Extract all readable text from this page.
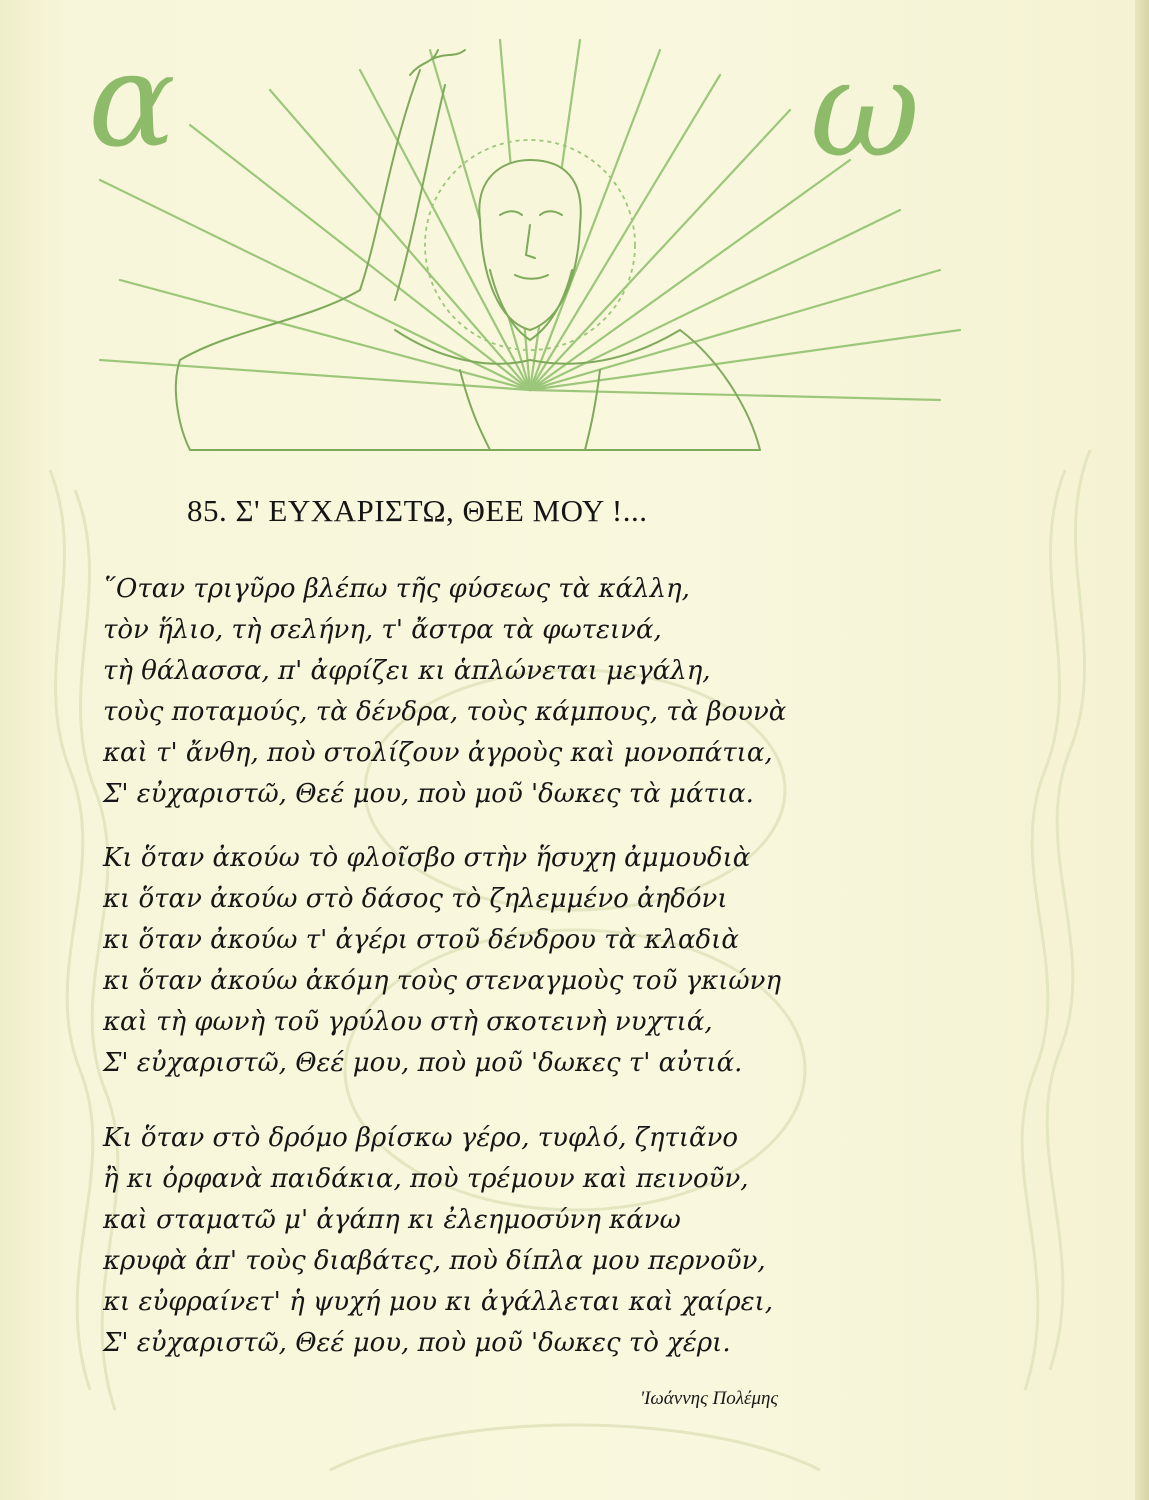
α	ω
85. Σ' ΕΥΧΑΡΙΣΤΩ, ΘΕΕ ΜΟΥ !...
῞Οταν τριγῦρο βλέπω τῆς φύσεως τὰ κάλλη,
τὸν ἥλιο, τὴ σελήνη, τ' ἄστρα τὰ φωτεινά,
τὴ θάλασσα, π' ἀφρίζει κι ἁπλώνεται μεγάλη,
τοὺς ποταμούς, τὰ δένδρα, τοὺς κάμπους, τὰ βουνὰ
καὶ τ' ἄνθη, ποὺ στολίζουν ἀγροὺς καὶ μονοπάτια,
Σ' εὐχαριστῶ, Θεέ μου, ποὺ μοῦ 'δωκες τὰ μάτια.
Κι ὅταν ἀκούω τὸ φλοῖσβο στὴν ἥσυχη ἀμμουδιὰ
κι ὅταν ἀκούω στὸ δάσος τὸ ζηλεμμένο ἀηδόνι
κι ὅταν ἀκούω τ' ἀγέρι στοῦ δένδρου τὰ κλαδιὰ
κι ὅταν ἀκούω ἀκόμη τοὺς στεναγμοὺς τοῦ γκιώνη
καὶ τὴ φωνὴ τοῦ γρύλου στὴ σκοτεινὴ νυχτιά,
Σ' εὐχαριστῶ, Θεέ μου, ποὺ μοῦ 'δωκες τ' αὐτιά.
Κι ὅταν στὸ δρόμο βρίσκω γέρο, τυφλό, ζητιᾶνο
ἢ κι ὀρφανὰ παιδάκια, ποὺ τρέμουν καὶ πεινοῦν,
καὶ σταματῶ μ' ἀγάπη κι ἐλεημοσύνη κάνω
κρυφὰ ἀπ' τοὺς διαβάτες, ποὺ δίπλα μου περνοῦν,
κι εὐφραίνετ' ἡ ψυχή μου κι ἀγάλλεται καὶ χαίρει,
Σ' εὐχαριστῶ, Θεέ μου, ποὺ μοῦ 'δωκες τὸ χέρι.
'Ιωάννης Πολέμης
